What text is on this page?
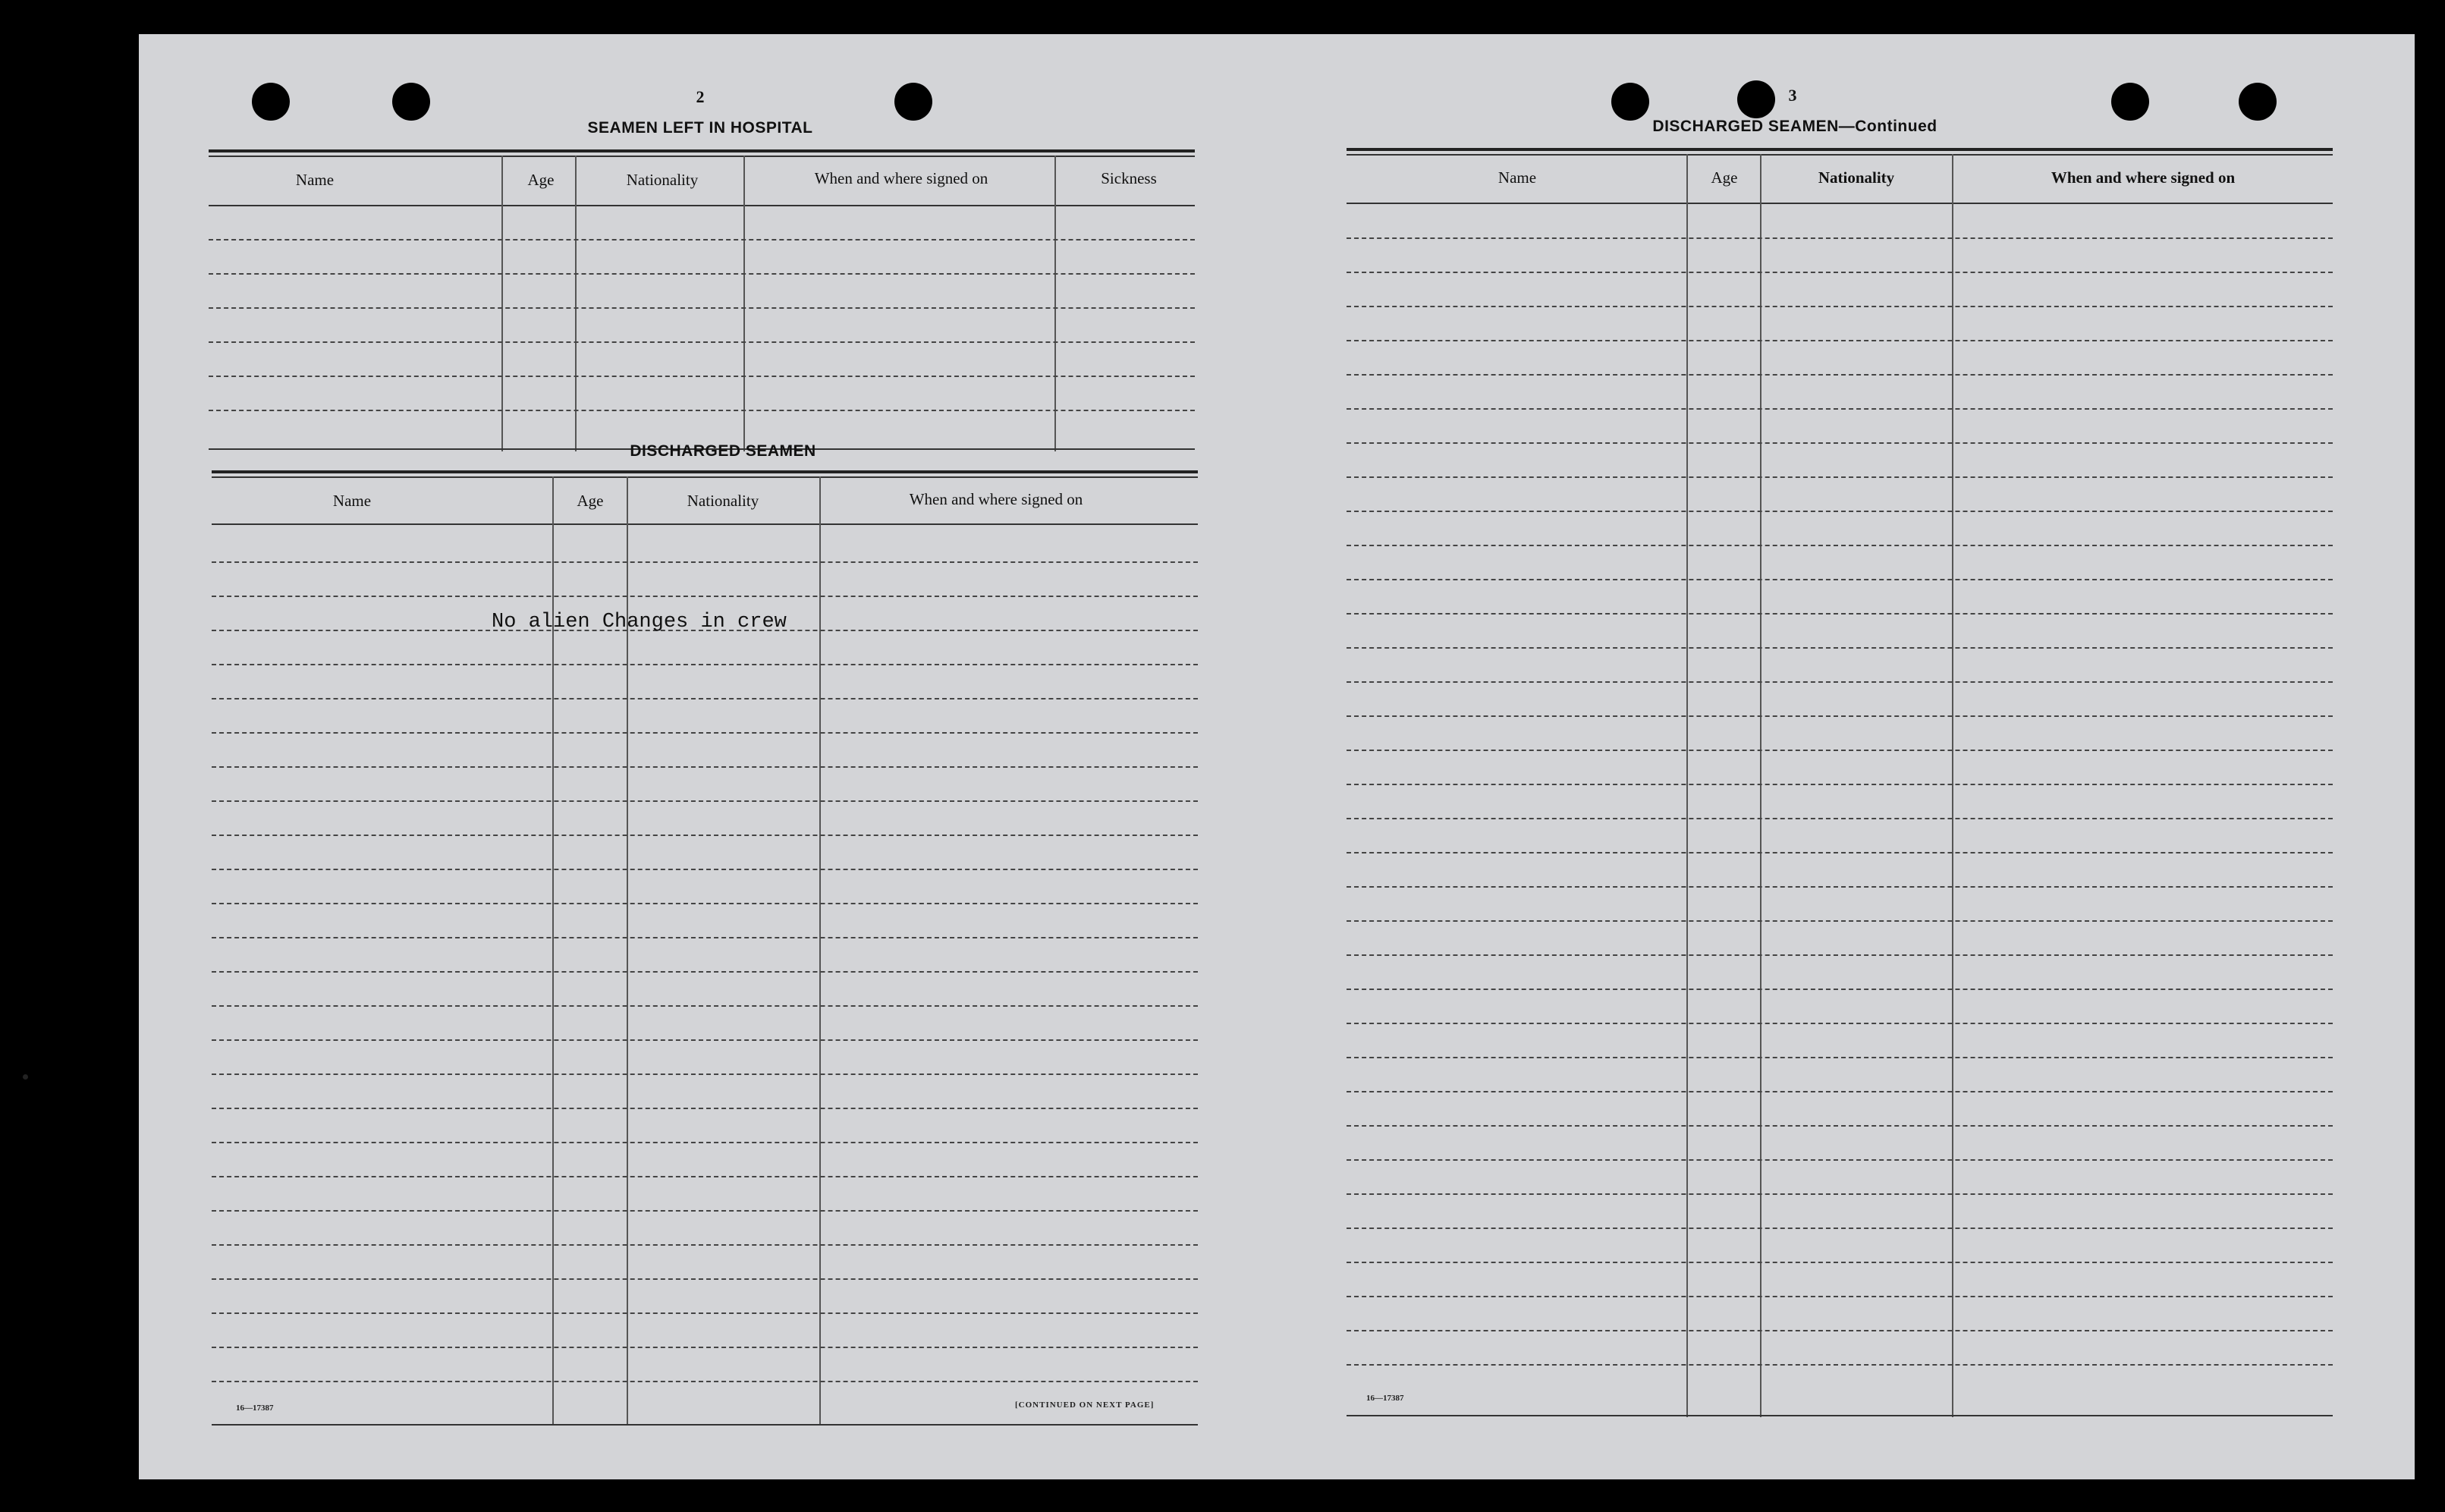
2
SEAMEN LEFT IN HOSPITAL
Name	Age	Nationality	When and where signed on	Sickness
DISCHARGED SEAMEN
Name	Age	Nationality	When and where signed on
No alien Changes in crew
16—17387	[CONTINUED ON NEXT PAGE]
3
DISCHARGED SEAMEN—Continued
Name	Age	Nationality	When and where signed on
16—17387
